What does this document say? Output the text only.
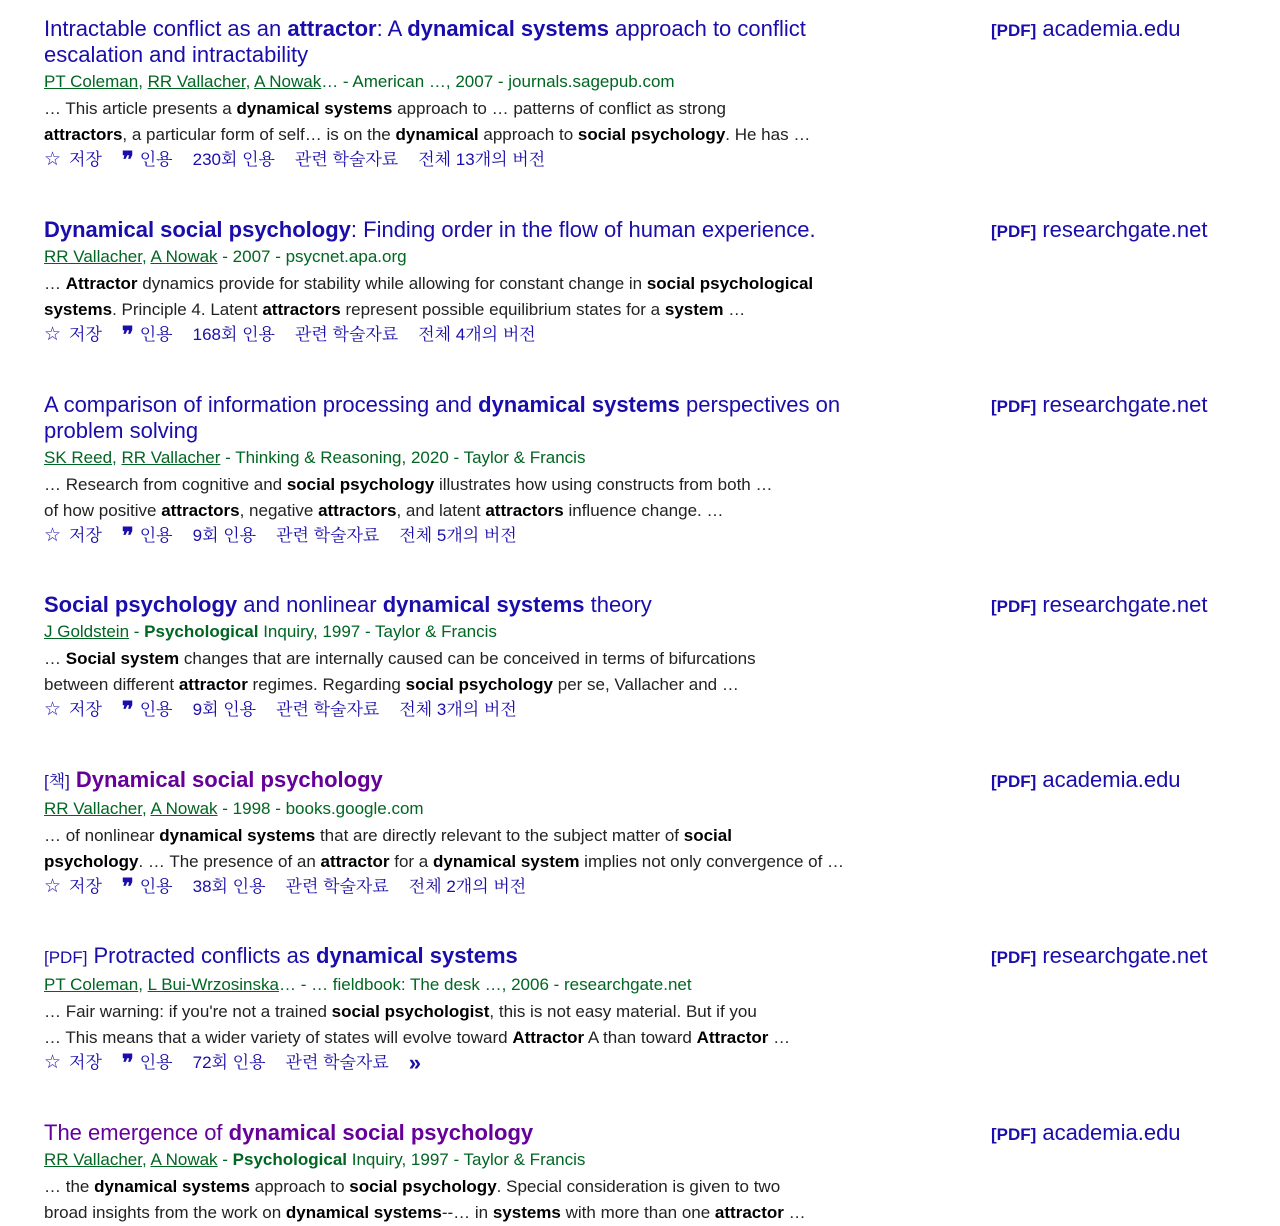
Intractable conflict as an attractor: A dynamical systems approach to conflict escalation and intractability
PT Coleman, RR Vallacher, A Nowak… - American …, 2007 - journals.sagepub.com
… This article presents a dynamical systems approach to … patterns of conflict as strong
attractors, a particular form of self… is on the dynamical approach to social psychology. He has …
☆ 저장 ❞ 인용 230회 인용 관련 학술자료 전체 13개의 버전
[PDF] academia.edu
Dynamical social psychology: Finding order in the flow of human experience.
RR Vallacher, A Nowak - 2007 - psycnet.apa.org
… Attractor dynamics provide for stability while allowing for constant change in social psychological
systems. Principle 4. Latent attractors represent possible equilibrium states for a system …
☆ 저장 ❞ 인용 168회 인용 관련 학술자료 전체 4개의 버전
[PDF] researchgate.net
A comparison of information processing and dynamical systems perspectives on problem solving
SK Reed, RR Vallacher - Thinking & Reasoning, 2020 - Taylor & Francis
… Research from cognitive and social psychology illustrates how using constructs from both …
of how positive attractors, negative attractors, and latent attractors influence change. …
☆ 저장 ❞ 인용 9회 인용 관련 학술자료 전체 5개의 버전
[PDF] researchgate.net
Social psychology and nonlinear dynamical systems theory
J Goldstein - Psychological Inquiry, 1997 - Taylor & Francis
… Social system changes that are internally caused can be conceived in terms of bifurcations
between different attractor regimes. Regarding social psychology per se, Vallacher and …
☆ 저장 ❞ 인용 9회 인용 관련 학술자료 전체 3개의 버전
[PDF] researchgate.net
[책] Dynamical social psychology
RR Vallacher, A Nowak - 1998 - books.google.com
… of nonlinear dynamical systems that are directly relevant to the subject matter of social
psychology. … The presence of an attractor for a dynamical system implies not only convergence of …
☆ 저장 ❞ 인용 38회 인용 관련 학술자료 전체 2개의 버전
[PDF] academia.edu
[PDF] Protracted conflicts as dynamical systems
PT Coleman, L Bui-Wrzosinska… - … fieldbook: The desk …, 2006 - researchgate.net
… Fair warning: if you're not a trained social psychologist, this is not easy material. But if you
… This means that a wider variety of states will evolve toward Attractor A than toward Attractor …
☆ 저장 ❞ 인용 72회 인용 관련 학술자료 »
[PDF] researchgate.net
The emergence of dynamical social psychology
RR Vallacher, A Nowak - Psychological Inquiry, 1997 - Taylor & Francis
… the dynamical systems approach to social psychology. Special consideration is given to two
broad insights from the work on dynamical systems--… in systems with more than one attractor …
[PDF] academia.edu
